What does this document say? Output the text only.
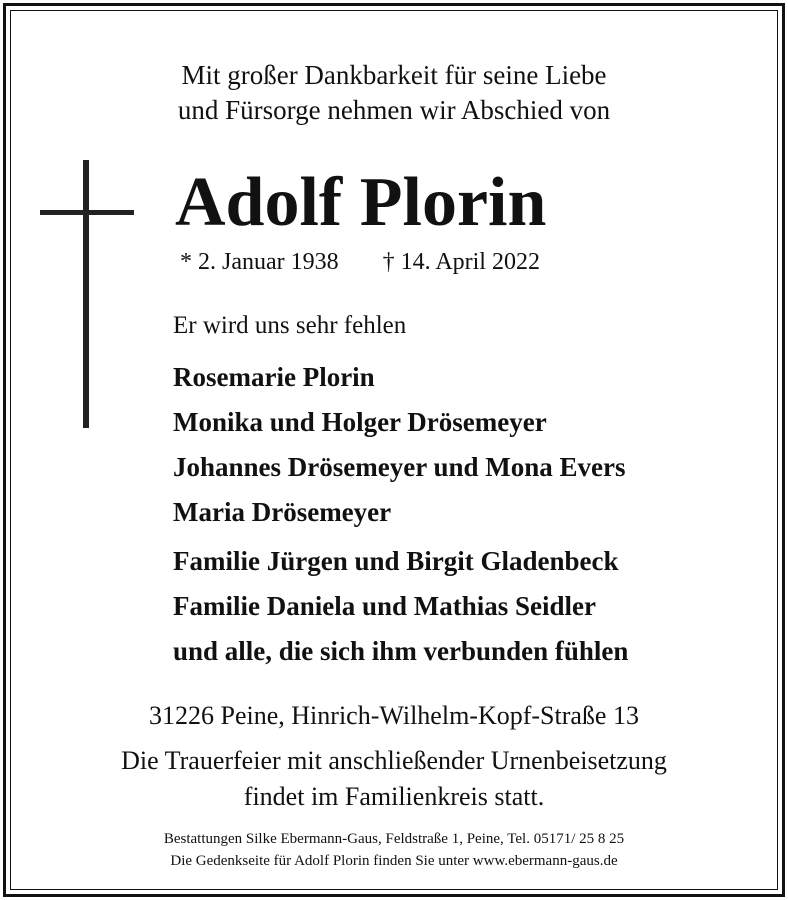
Mit großer Dankbarkeit für seine Liebe
und Fürsorge nehmen wir Abschied von
Adolf Plorin
* 2. Januar 1938 † 14. April 2022
Er wird uns sehr fehlen
Rosemarie Plorin
Monika und Holger Drösemeyer
Johannes Drösemeyer und Mona Evers
Maria Drösemeyer
Familie Jürgen und Birgit Gladenbeck
Familie Daniela und Mathias Seidler
und alle, die sich ihm verbunden fühlen
31226 Peine, Hinrich-Wilhelm-Kopf-Straße 13
Die Trauerfeier mit anschließender Urnenbeisetzung
findet im Familienkreis statt.
Bestattungen Silke Ebermann-Gaus, Feldstraße 1, Peine, Tel. 05171/ 25 8 25
Die Gedenkseite für Adolf Plorin finden Sie unter www.ebermann-gaus.de
